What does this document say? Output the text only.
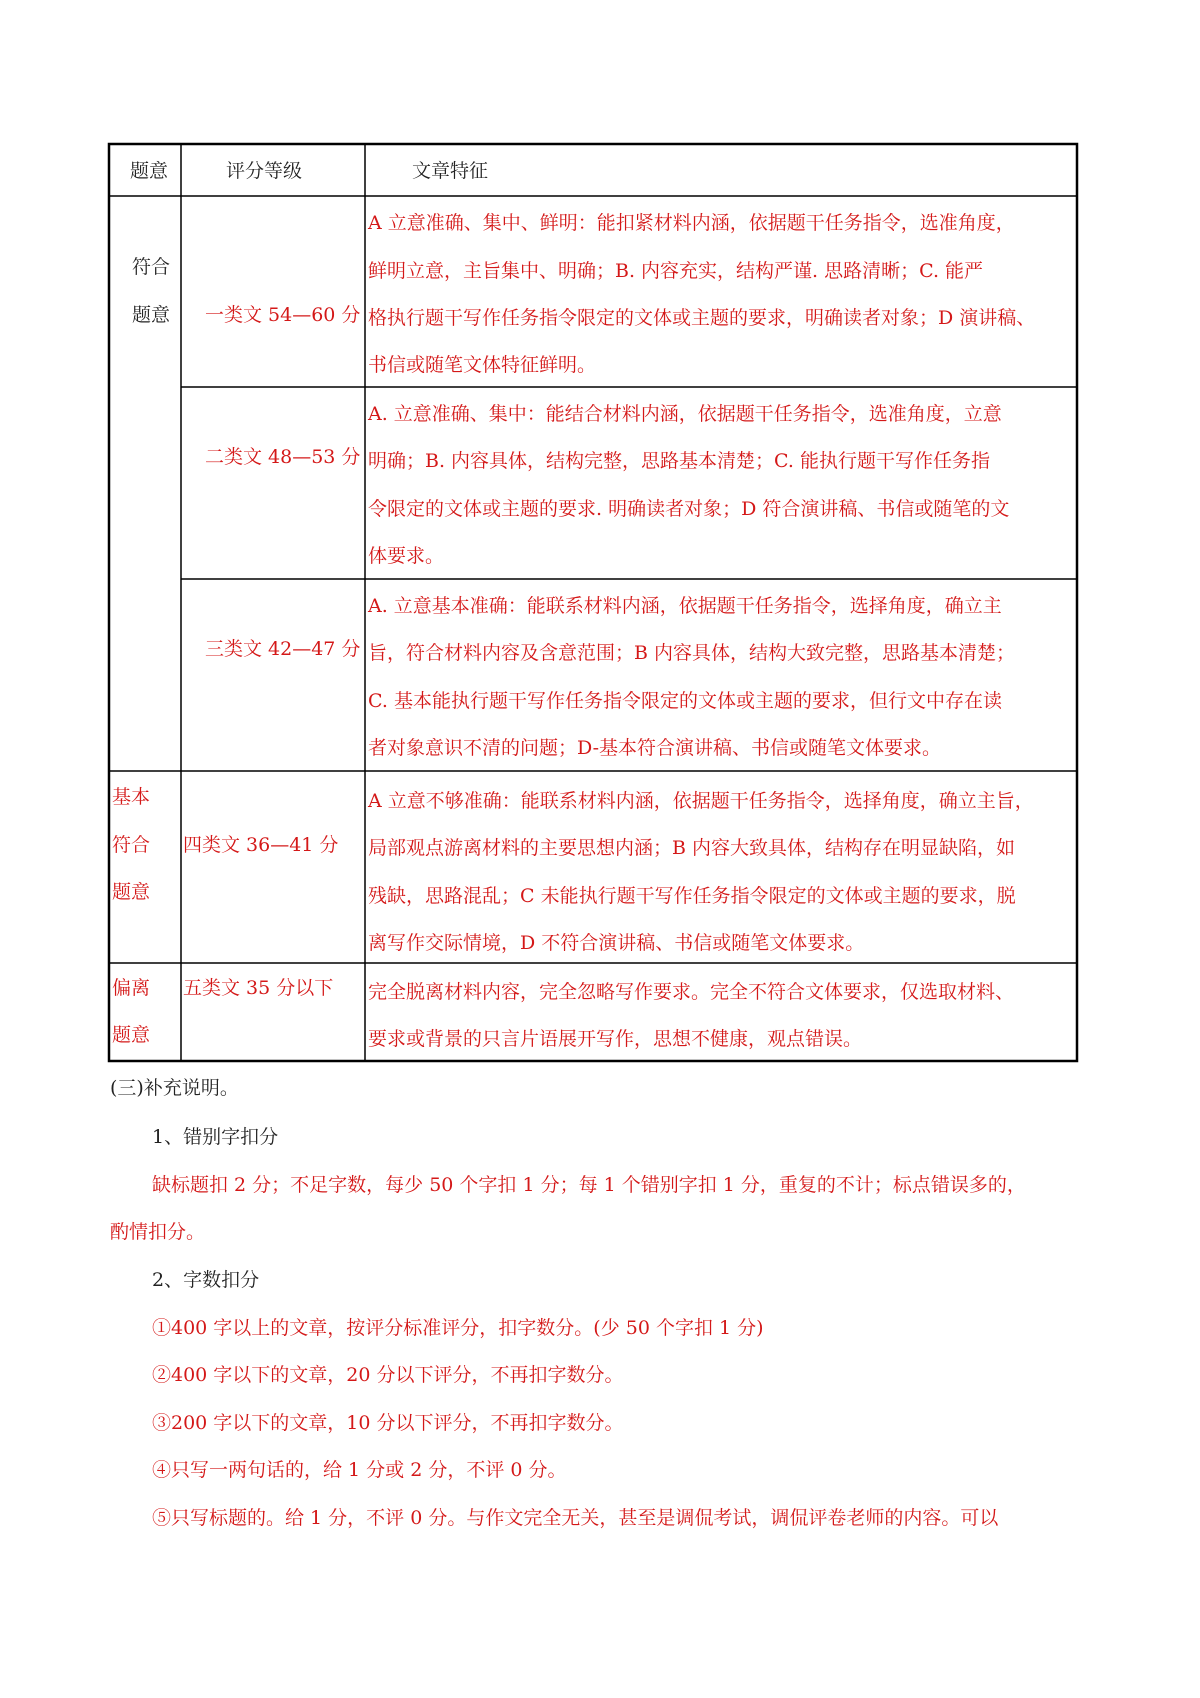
题意	评分等级	文章特征
符合
题意
基本
符合
题意
偏离
题意
一类文 54—60 分
二类文 48—53 分
三类文 42—47 分
四类文 36—41 分
五类文 35 分以下
A 立意准确、集中、鲜明：能扣紧材料内涵，依据题干任务指令，选准角度，
鲜明立意，主旨集中、明确；B. 内容充实，结构严谨. 思路清晰；C. 能严
格执行题干写作任务指令限定的文体或主题的要求，明确读者对象；D 演讲稿、
书信或随笔文体特征鲜明。
A. 立意准确、集中：能结合材料内涵，依据题干任务指令，选准角度，立意
明确；B. 内容具体，结构完整，思路基本清楚；C. 能执行题干写作任务指
令限定的文体或主题的要求. 明确读者对象；D 符合演讲稿、书信或随笔的文
体要求。
A. 立意基本准确：能联系材料内涵，依据题干任务指令，选择角度，确立主
旨，符合材料内容及含意范围；B 内容具体，结构大致完整，思路基本清楚；
C. 基本能执行题干写作任务指令限定的文体或主题的要求，但行文中存在读
者对象意识不清的问题；D-基本符合演讲稿、书信或随笔文体要求。
A 立意不够准确：能联系材料内涵，依据题干任务指令，选择角度，确立主旨，
局部观点游离材料的主要思想内涵；B 内容大致具体，结构存在明显缺陷，如
残缺，思路混乱；C 未能执行题干写作任务指令限定的文体或主题的要求，脱
离写作交际情境，D 不符合演讲稿、书信或随笔文体要求。
完全脱离材料内容，完全忽略写作要求。完全不符合文体要求，仅选取材料、
要求或背景的只言片语展开写作，思想不健康，观点错误。
(三)补充说明。
1、错别字扣分
缺标题扣 2 分；不足字数，每少 50 个字扣 1 分；每 1 个错别字扣 1 分，重复的不计；标点错误多的，
酌情扣分。
2、字数扣分
①400 字以上的文章，按评分标准评分，扣字数分。(少 50 个字扣 1 分)
②400 字以下的文章，20 分以下评分，不再扣字数分。
③200 字以下的文章，10 分以下评分，不再扣字数分。
④只写一两句话的，给 1 分或 2 分，不评 0 分。
⑤只写标题的。给 1 分，不评 0 分。与作文完全无关，甚至是调侃考试，调侃评卷老师的内容。可以
